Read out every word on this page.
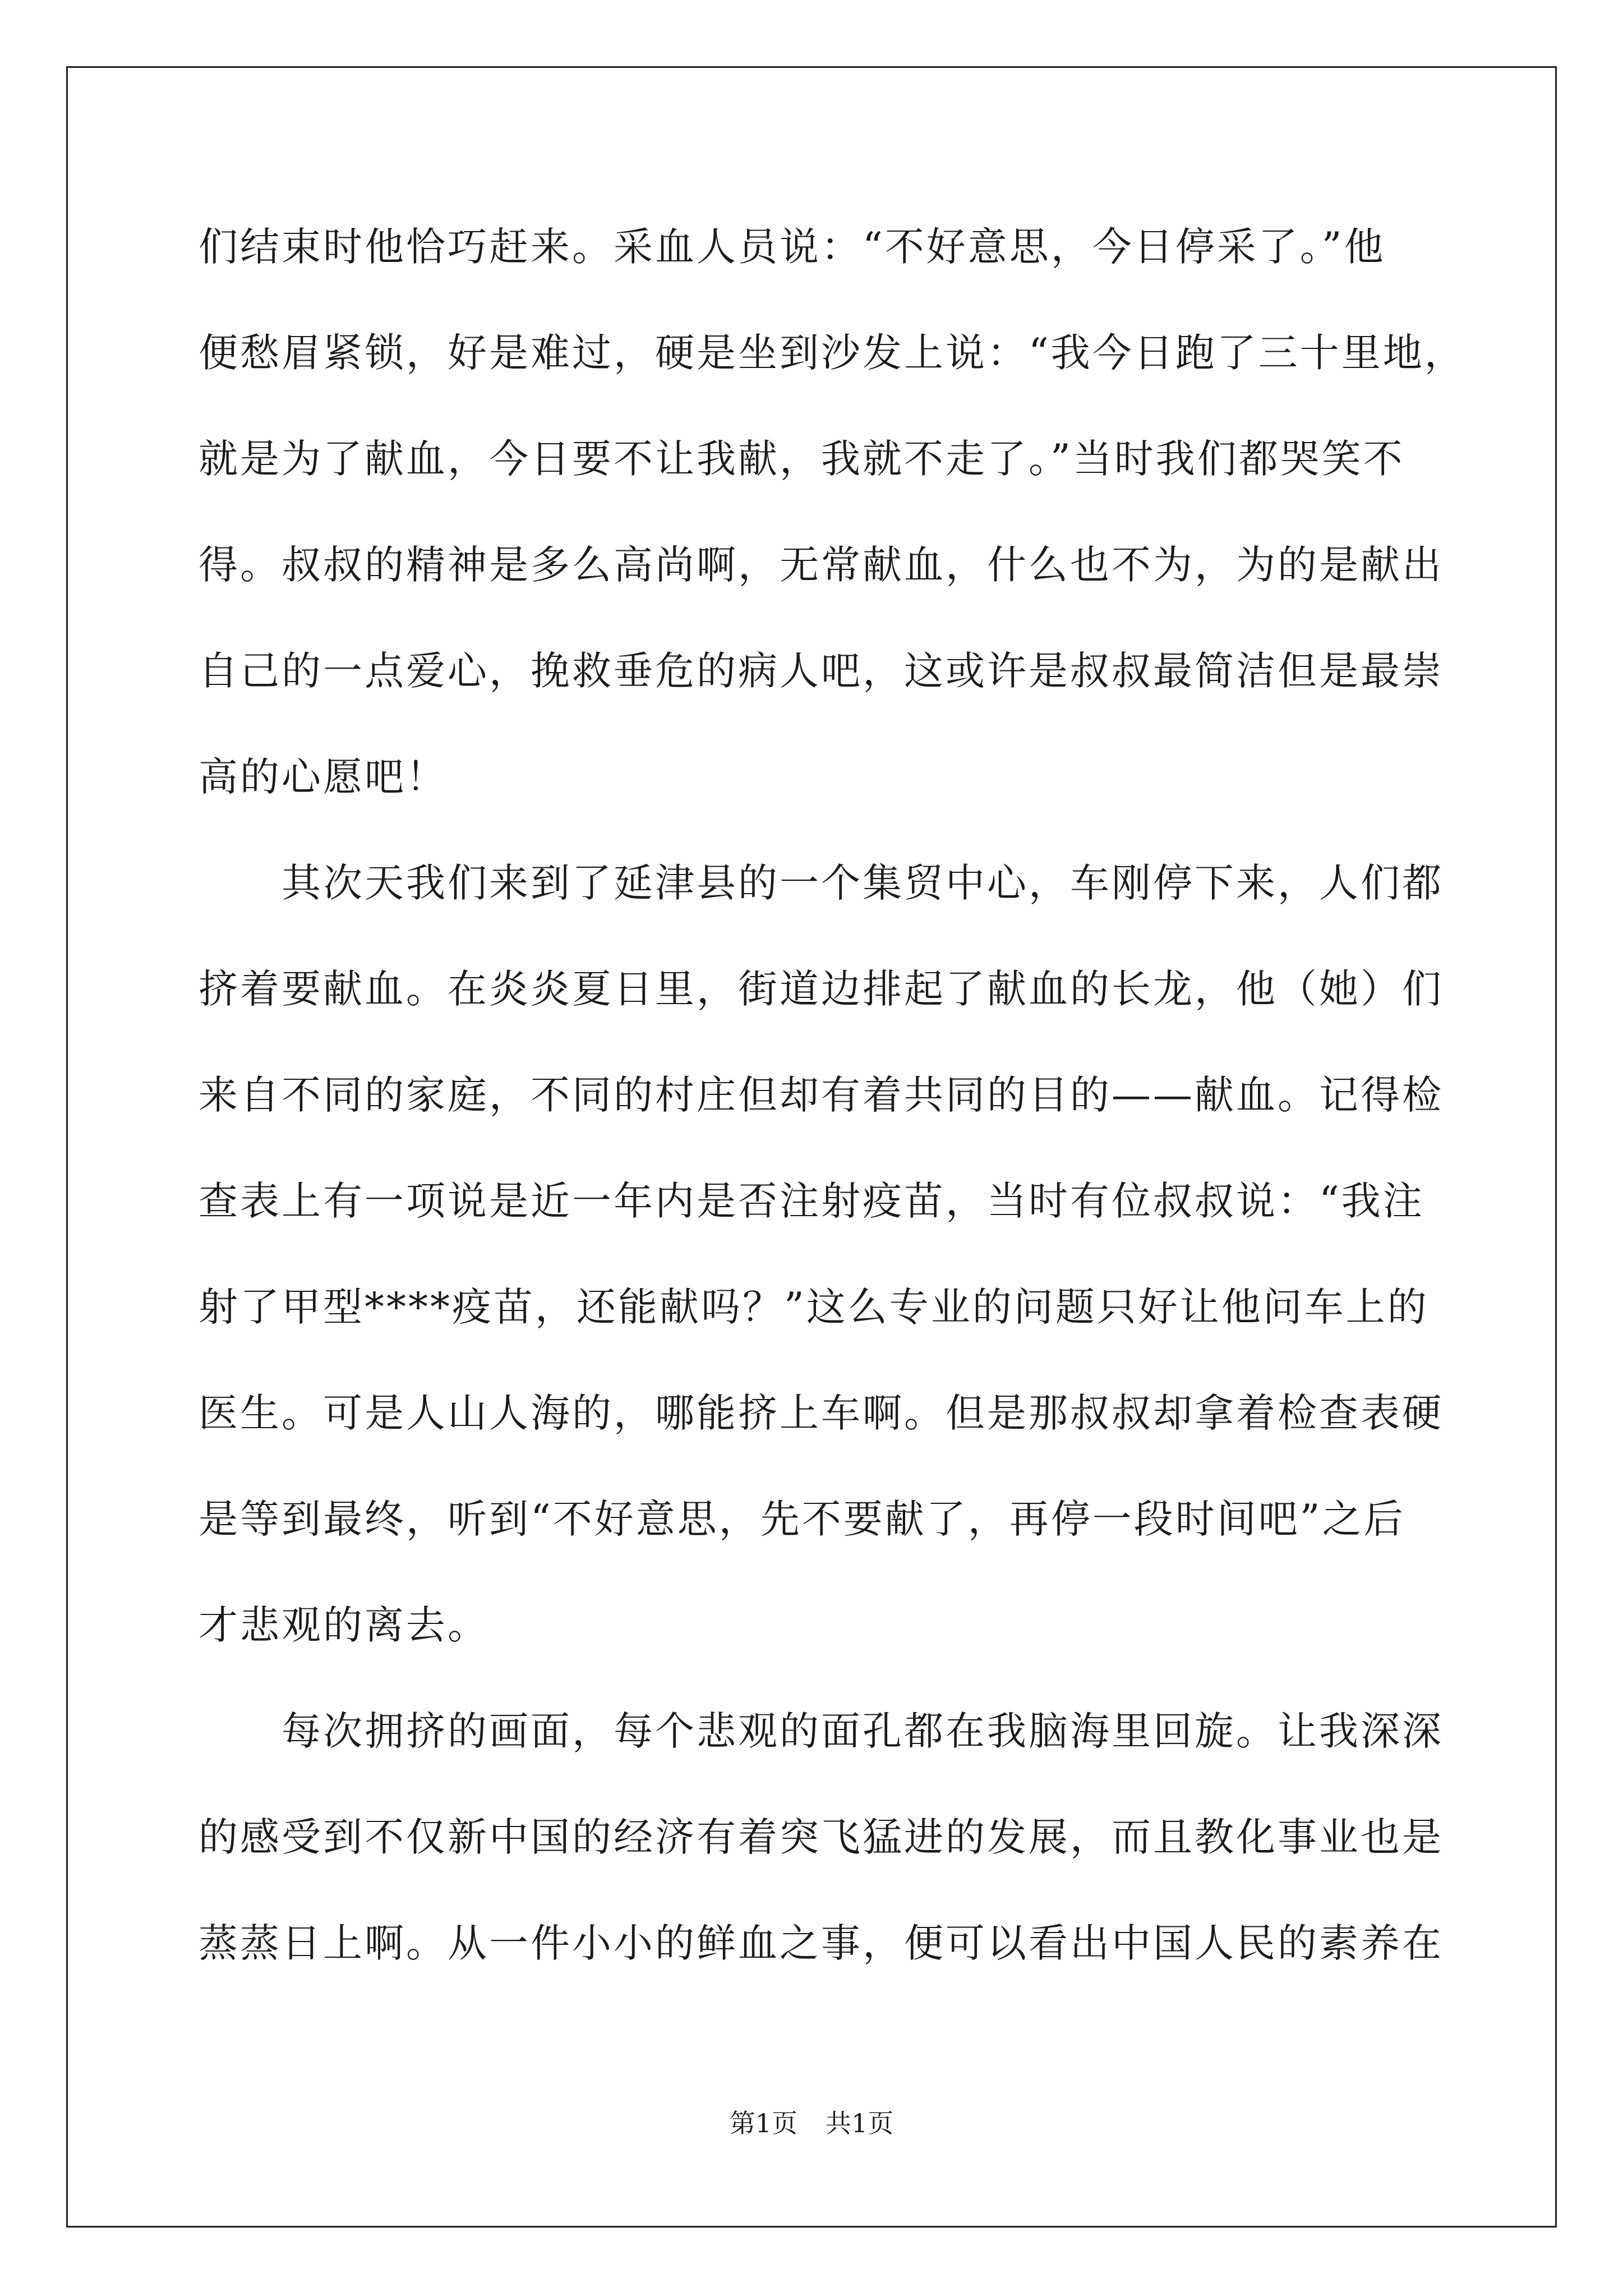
们结束时他恰巧赶来。采血人员说：“不好意思，今日停采了。”他
便愁眉紧锁，好是难过，硬是坐到沙发上说：“我今日跑了三十里地，
就是为了献血，今日要不让我献，我就不走了。”当时我们都哭笑不
得。叔叔的精神是多么高尚啊，无常献血，什么也不为，为的是献出
自己的一点爱心，挽救垂危的病人吧，这或许是叔叔最简洁但是最崇
高的心愿吧！
　　其次天我们来到了延津县的一个集贸中心，车刚停下来，人们都
挤着要献血。在炎炎夏日里，街道边排起了献血的长龙，他（她）们
来自不同的家庭，不同的村庄但却有着共同的目的——献血。记得检
查表上有一项说是近一年内是否注射疫苗，当时有位叔叔说：“我注
射了甲型****疫苗，还能献吗？”这么专业的问题只好让他问车上的
医生。可是人山人海的，哪能挤上车啊。但是那叔叔却拿着检查表硬
是等到最终，听到“不好意思，先不要献了，再停一段时间吧”之后
才悲观的离去。
　　每次拥挤的画面，每个悲观的面孔都在我脑海里回旋。让我深深
的感受到不仅新中国的经济有着突飞猛进的发展，而且教化事业也是
蒸蒸日上啊。从一件小小的鲜血之事，便可以看出中国人民的素养在
第1页 共1页
